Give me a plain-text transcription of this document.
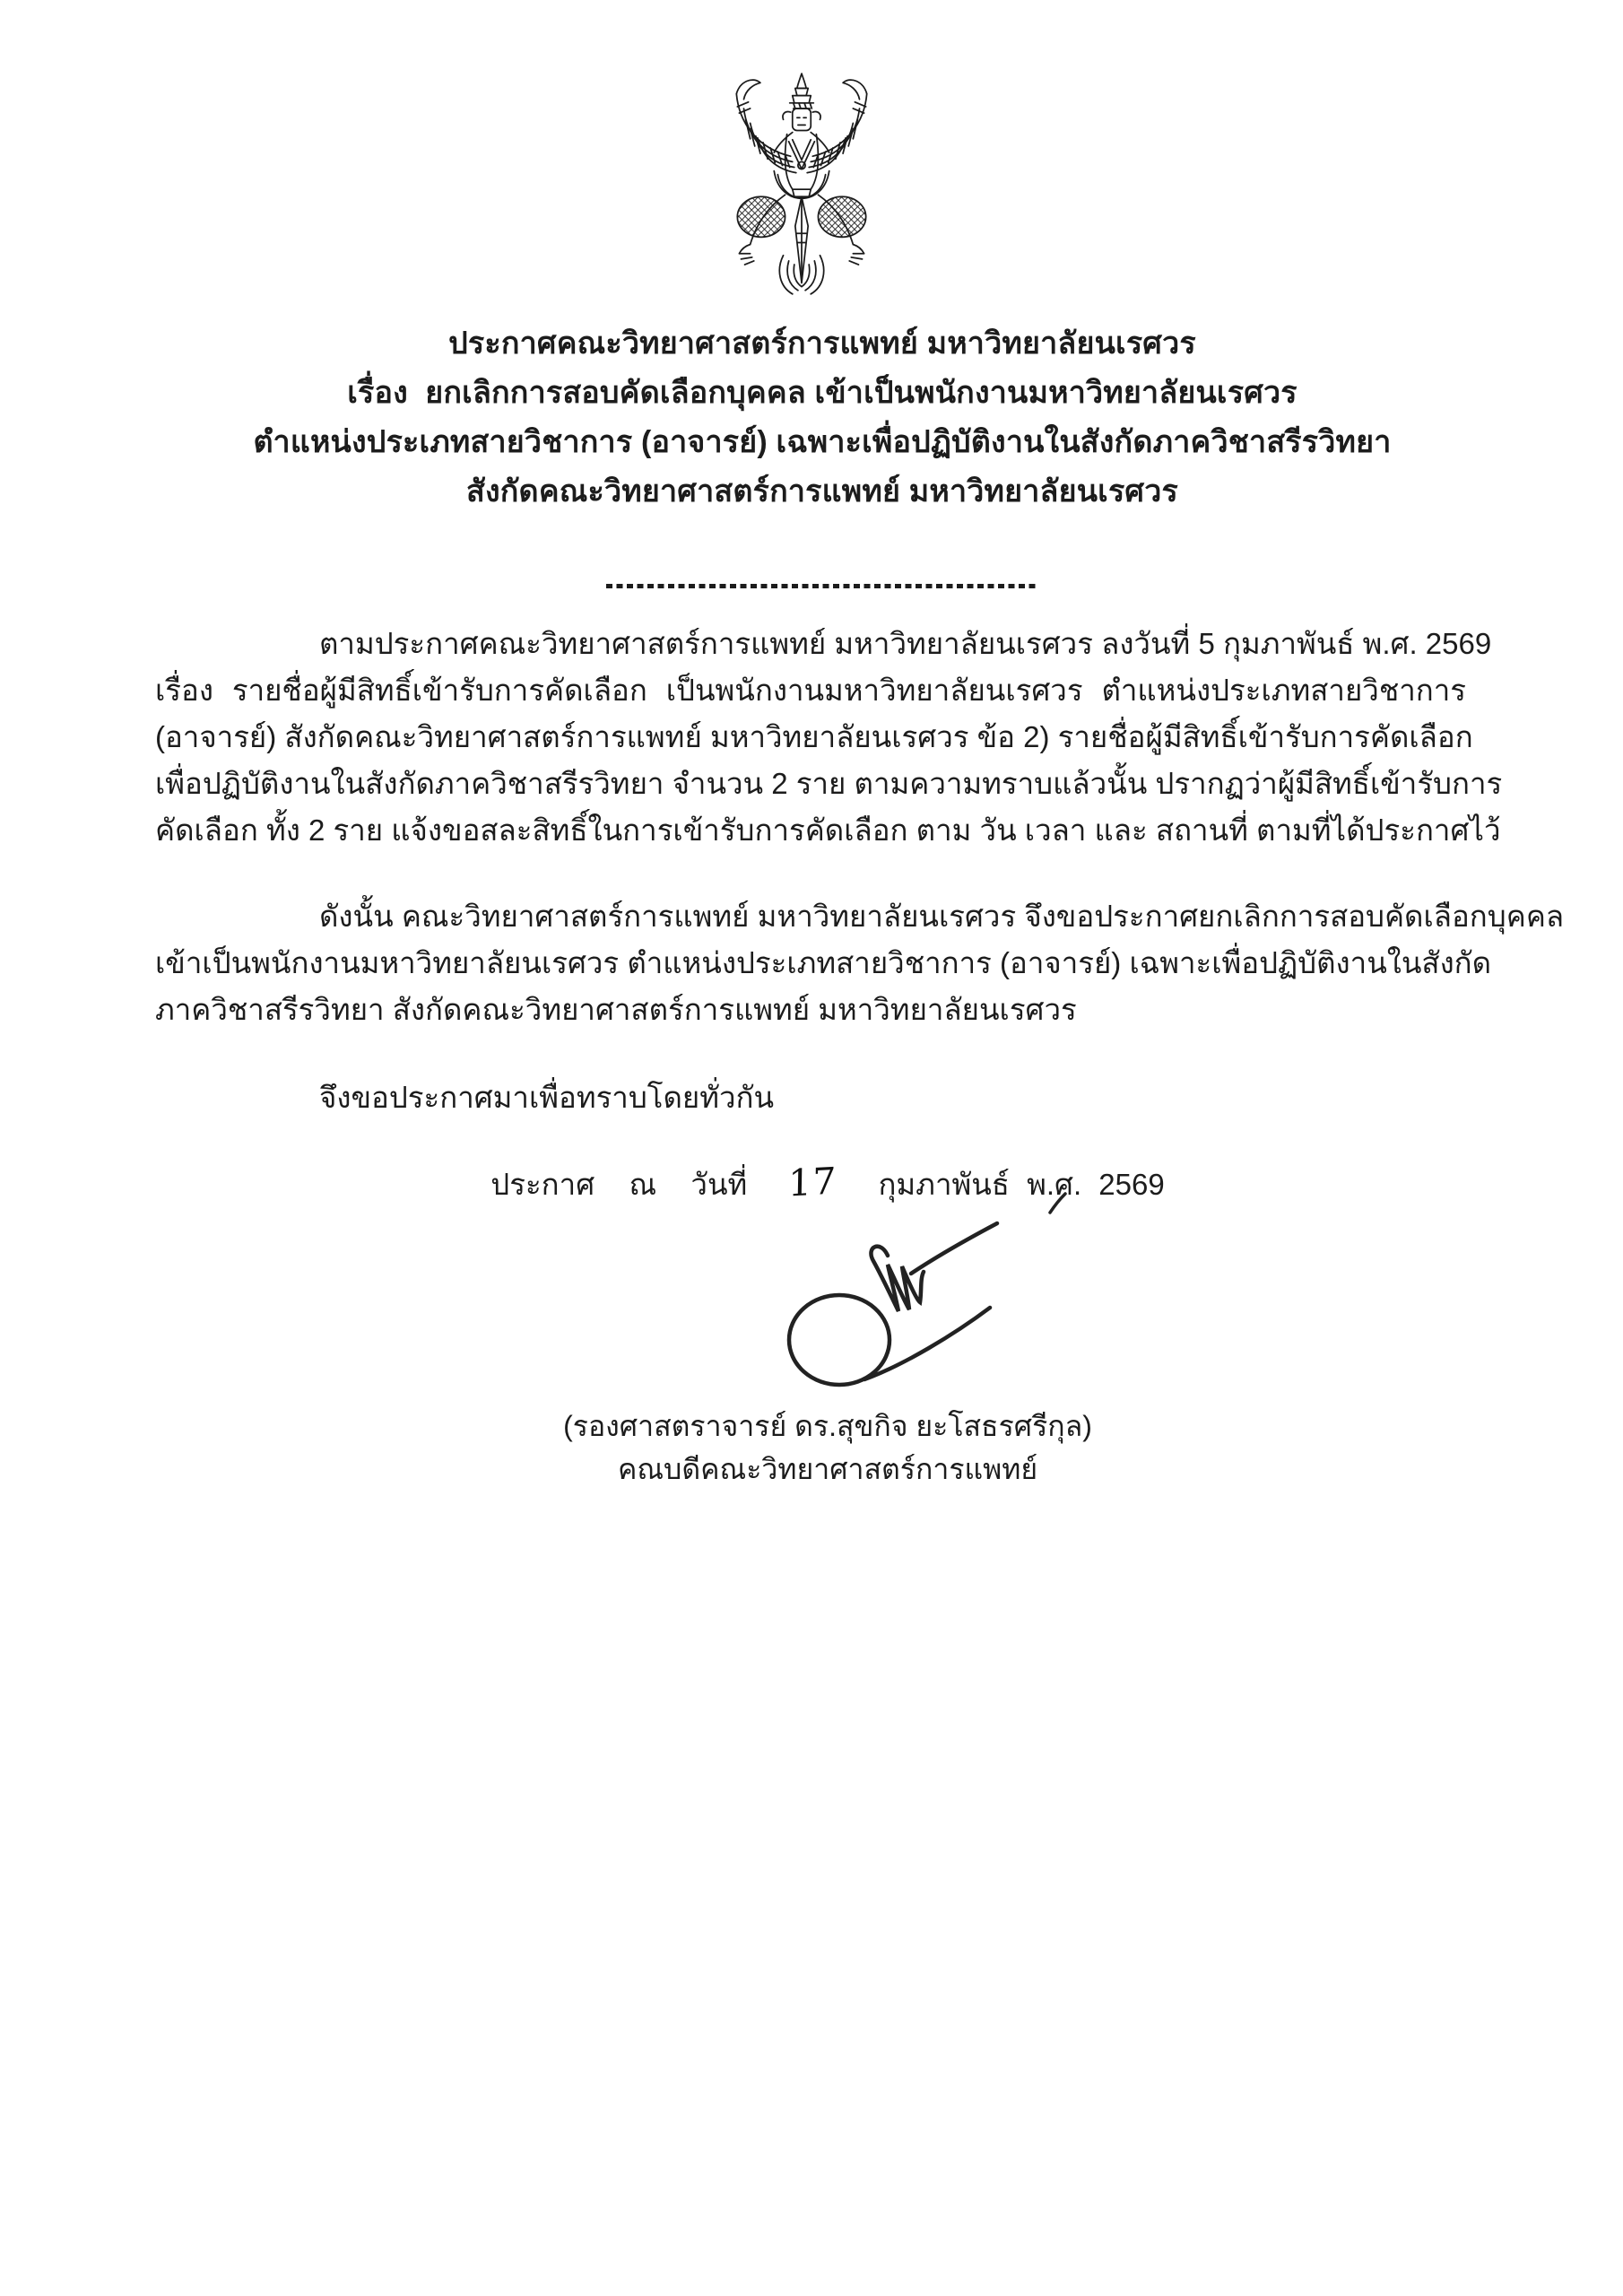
ประกาศคณะวิทยาศาสตร์การแพทย์ มหาวิทยาลัยนเรศวร
เรื่อง  ยกเลิกการสอบคัดเลือกบุคคล เข้าเป็นพนักงานมหาวิทยาลัยนเรศวร
ตำแหน่งประเภทสายวิชาการ (อาจารย์) เฉพาะเพื่อปฏิบัติงานในสังกัดภาควิชาสรีรวิทยา
สังกัดคณะวิทยาศาสตร์การแพทย์ มหาวิทยาลัยนเรศวร
ตามประกาศคณะวิทยาศาสตร์การแพทย์ มหาวิทยาลัยนเรศวร ลงวันที่ 5 กุมภาพันธ์ พ.ศ. 2569
เรื่อง รายชื่อผู้มีสิทธิ์เข้ารับการคัดเลือก เป็นพนักงานมหาวิทยาลัยนเรศวร ตำแหน่งประเภทสายวิชาการ
(อาจารย์) สังกัดคณะวิทยาศาสตร์การแพทย์ มหาวิทยาลัยนเรศวร ข้อ 2) รายชื่อผู้มีสิทธิ์เข้ารับการคัดเลือก
เพื่อปฏิบัติงานในสังกัดภาควิชาสรีรวิทยา จำนวน 2 ราย ตามความทราบแล้วนั้น ปรากฏว่าผู้มีสิทธิ์เข้ารับการ
คัดเลือก ทั้ง 2 ราย แจ้งขอสละสิทธิ์ในการเข้ารับการคัดเลือก ตาม วัน เวลา และ สถานที่ ตามที่ได้ประกาศไว้
ดังนั้น คณะวิทยาศาสตร์การแพทย์ มหาวิทยาลัยนเรศวร จึงขอประกาศยกเลิกการสอบคัดเลือกบุคคล
เข้าเป็นพนักงานมหาวิทยาลัยนเรศวร ตำแหน่งประเภทสายวิชาการ (อาจารย์) เฉพาะเพื่อปฏิบัติงานในสังกัด
ภาควิชาสรีรวิทยา สังกัดคณะวิทยาศาสตร์การแพทย์ มหาวิทยาลัยนเรศวร
จึงขอประกาศมาเพื่อทราบโดยทั่วกัน
ประกาศ  ณ  วันที่ 17 กุมภาพันธ์ พ.ศ. 2569
(รองศาสตราจารย์ ดร.สุขกิจ ยะโสธรศรีกุล)
คณบดีคณะวิทยาศาสตร์การแพทย์
